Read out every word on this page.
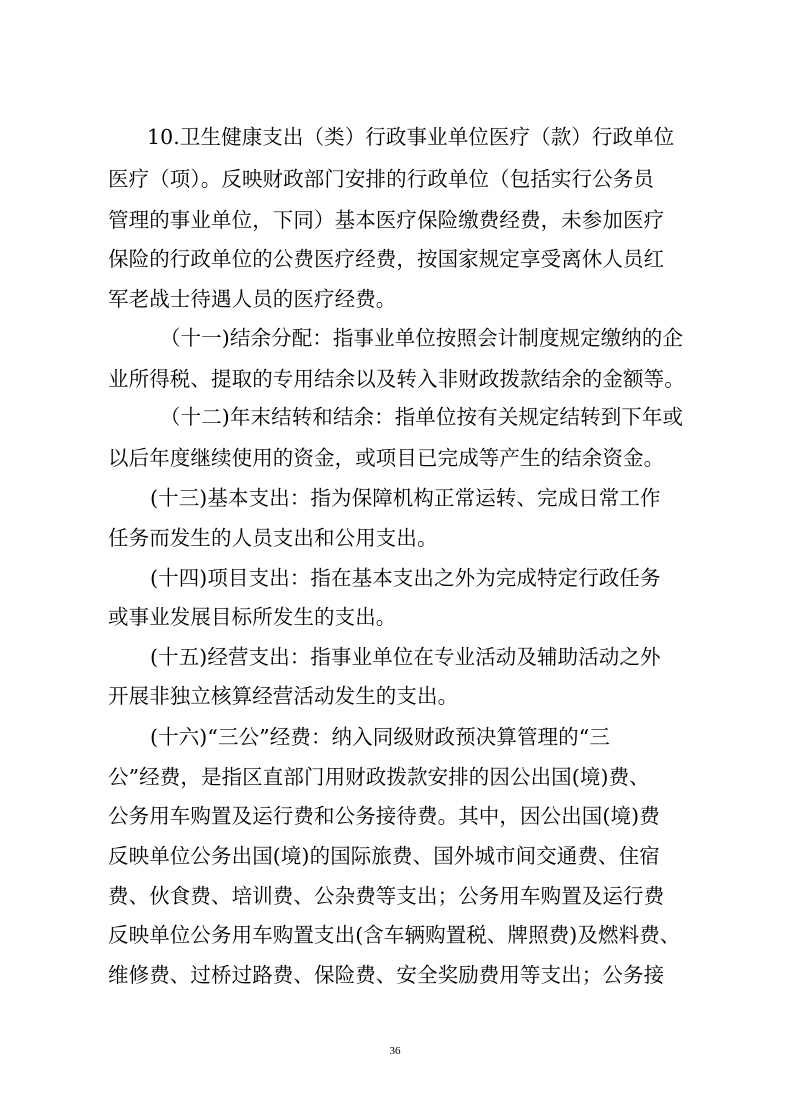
10.卫生健康支出（类）行政事业单位医疗（款）行政单位
医疗（项）。反映财政部门安排的行政单位（包括实行公务员
管理的事业单位，下同）基本医疗保险缴费经费，未参加医疗
保险的行政单位的公费医疗经费，按国家规定享受离休人员红
军老战士待遇人员的医疗经费。
（十一)结余分配：指事业单位按照会计制度规定缴纳的企
业所得税、提取的专用结余以及转入非财政拨款结余的金额等。
（十二)年末结转和结余：指单位按有关规定结转到下年或
以后年度继续使用的资金，或项目已完成等产生的结余资金。
(十三)基本支出：指为保障机构正常运转、完成日常工作
任务而发生的人员支出和公用支出。
(十四)项目支出：指在基本支出之外为完成特定行政任务
或事业发展目标所发生的支出。
(十五)经营支出：指事业单位在专业活动及辅助活动之外
开展非独立核算经营活动发生的支出。
(十六)“三公”经费：纳入同级财政预决算管理的“三
公”经费，是指区直部门用财政拨款安排的因公出国(境)费、
公务用车购置及运行费和公务接待费。其中，因公出国(境)费
反映单位公务出国(境)的国际旅费、国外城市间交通费、住宿
费、伙食费、培训费、公杂费等支出；公务用车购置及运行费
反映单位公务用车购置支出(含车辆购置税、牌照费)及燃料费、
维修费、过桥过路费、保险费、安全奖励费用等支出；公务接
36
